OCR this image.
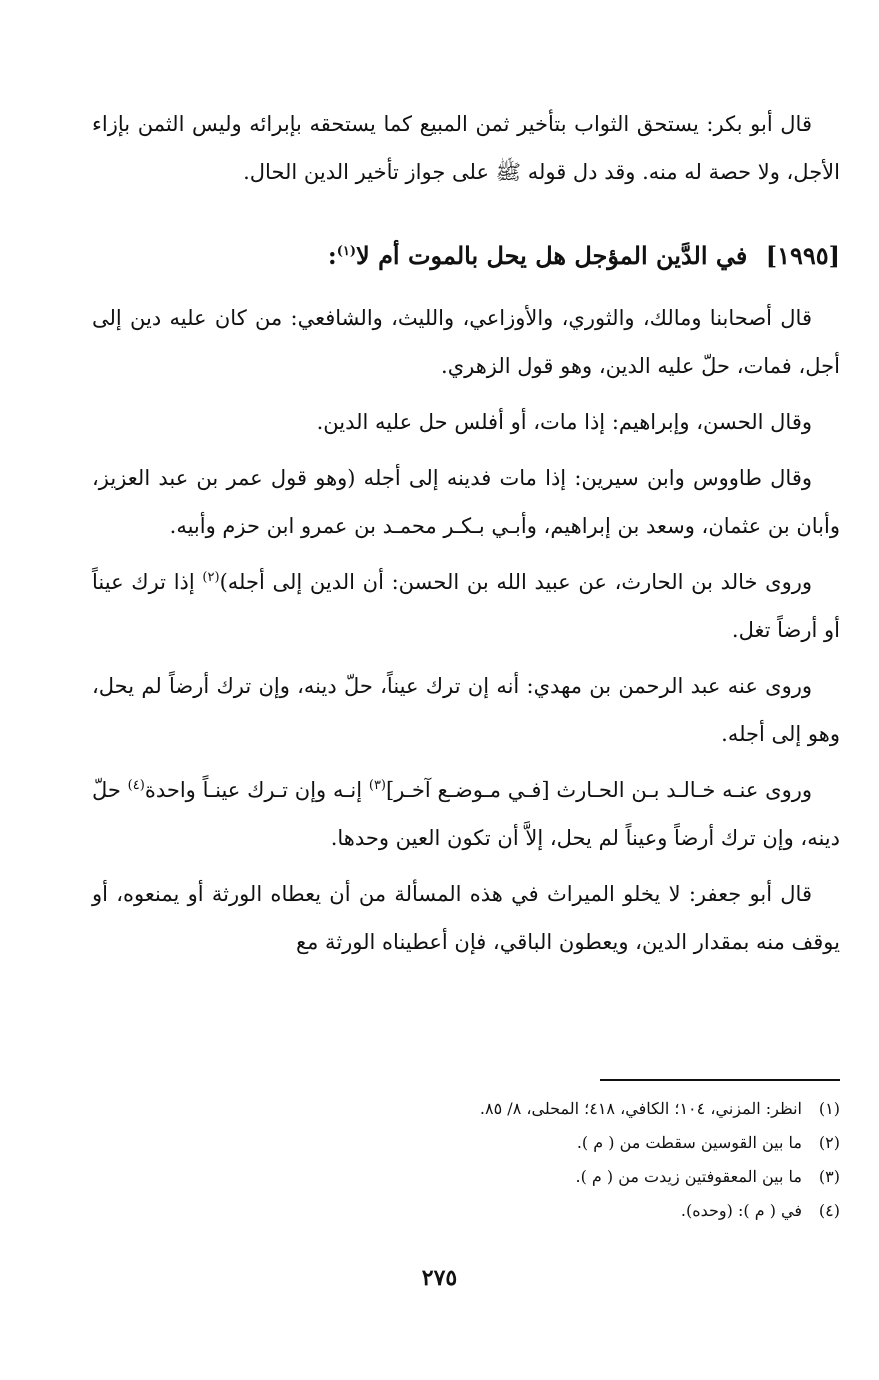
قال أبو بكر: يستحق الثواب بتأخير ثمن المبيع كما يستحقه بإبرائه وليس الثمن بإزاء الأجل، ولا حصة له منه. وقد دل قوله ﷺ على جواز تأخير الدين الحال.

[١٩٩٥] في الدَّين المؤجل هل يحل بالموت أم لا$^{(١)}$:

قال أصحابنا ومالك، والثوري، والأوزاعي، والليث، والشافعي: من كان عليه دين إلى أجل، فمات، حلّ عليه الدين، وهو قول الزهري.

وقال الحسن، وإبراهيم: إذا مات، أو أفلس حل عليه الدين.

وقال طاووس وابن سيرين: إذا مات فدينه إلى أجله (وهو قول عمر بن عبد العزيز، وأبان بن عثمان، وسعد بن إبراهيم، وأبـي بـكـر محمـد بن عمرو ابن حزم وأبيه.

وروى خالد بن الحارث، عن عبيد الله بن الحسن: أن الدين إلى أجله)$^{(٢)}$ إذا ترك عيناً أو أرضاً تغل.

وروى عنه عبد الرحمن بن مهدي: أنه إن ترك عيناً، حلّ دينه، وإن ترك أرضاً لم يحل، وهو إلى أجله.

وروى عنـه خـالـد بـن الحـارث [فـي مـوضـع آخـر]$^{(٣)}$ إنـه وإن تـرك عينـاً واحدة$^{(٤)}$ حلّ دينه، وإن ترك أرضاً وعيناً لم يحل، إلاَّ أن تكون العين وحدها.

قال أبو جعفر: لا يخلو الميراث في هذه المسألة من أن يعطاه الورثة أو يمنعوه، أو يوقف منه بمقدار الدين، ويعطون الباقي، فإن أعطيناه الورثة مع

(١)
انظر: المزني، ١٠٤؛ الكافي، ٤١٨؛ المحلى، ٨/ ٨٥.
(٢)
ما بين القوسين سقطت من ( م ).
(٣)
ما بين المعقوفتين زيدت من ( م ).
(٤)
في ( م ): (وحده).
٢٧٥
